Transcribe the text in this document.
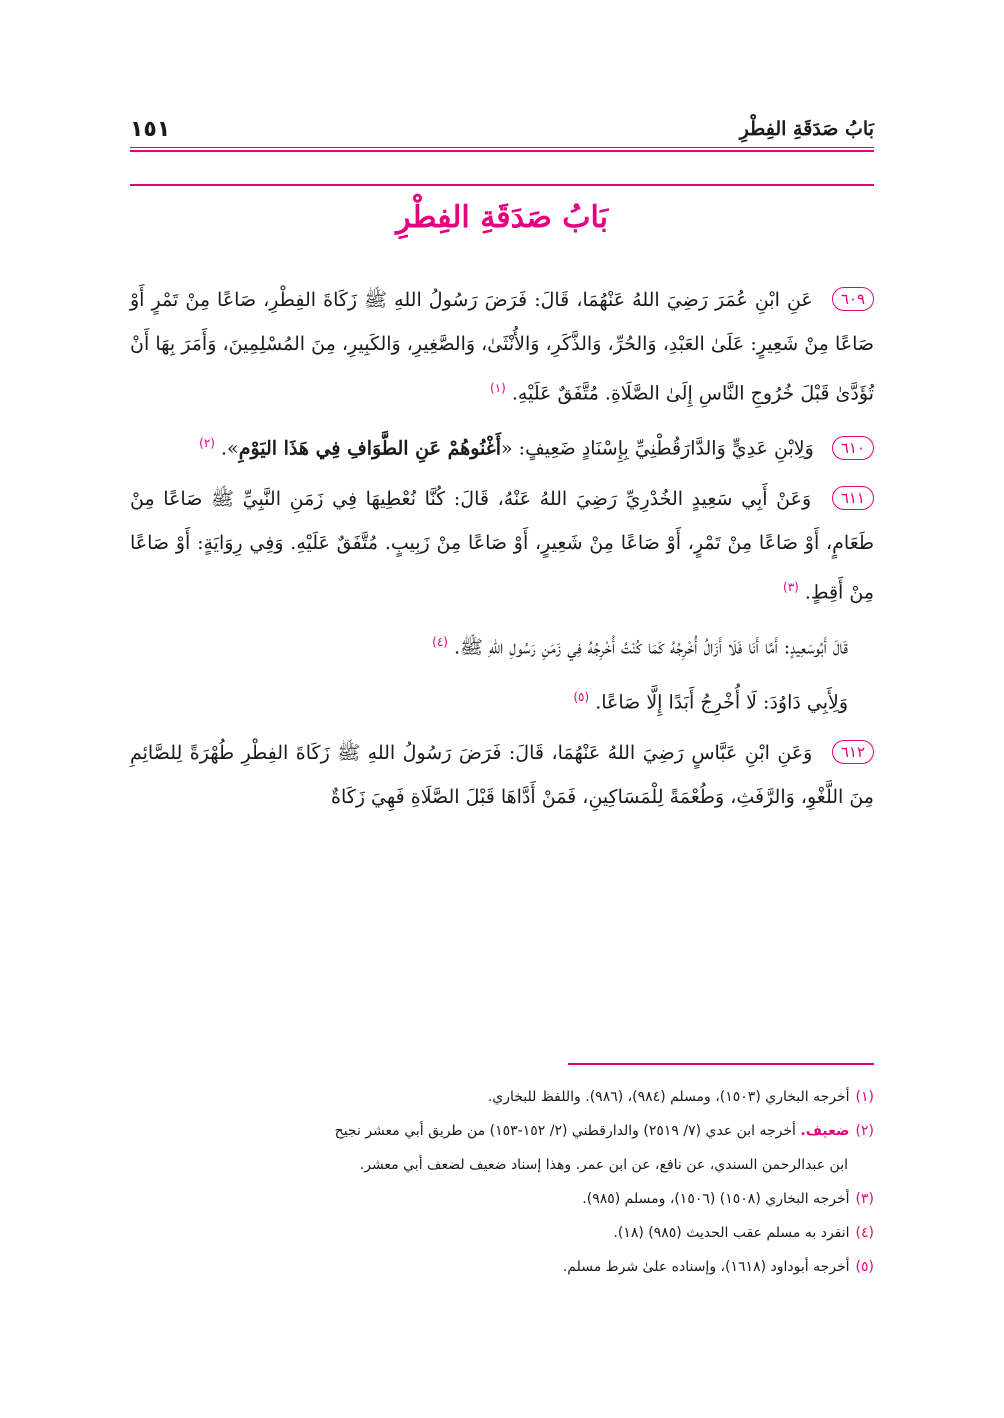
بَابُ صَدَقَةِ الفِطْرِ
١٥١
بَابُ صَدَقَةِ الفِطْرِ

٦٠٩ عَنِ ابْنِ عُمَرَ رَضِيَ اللهُ عَنْهُمَا، قَالَ: فَرَضَ رَسُولُ اللهِ ﷺ زَكَاةَ الفِطْرِ، صَاعًا مِنْ تَمْرٍ أَوْ صَاعًا مِنْ شَعِيرٍ: عَلَىٰ العَبْدِ، وَالحُرِّ، وَالذَّكَرِ، وَالأُنْثَىٰ، وَالصَّغِيرِ، وَالكَبِيرِ، مِنَ المُسْلِمِينَ، وَأَمَرَ بِهَا أَنْ تُؤَدَّىٰ قَبْلَ خُرُوجِ النَّاسِ إِلَىٰ الصَّلَاةِ. مُتَّفَقٌ عَلَيْهِ. $^{(١)}$

٦١٠ وَلِابْنِ عَدِيٍّ وَالدَّارَقُطْنِيِّ بِإِسْنَادٍ ضَعِيفٍ: «أَغْنُوهُمْ عَنِ الطَّوَافِ فِي هَذَا اليَوْمِ». $^{(٢)}$

٦١١ وَعَنْ أَبِي سَعِيدٍ الخُدْرِيِّ رَضِيَ اللهُ عَنْهُ، قَالَ: كُنَّا نُعْطِيهَا فِي زَمَنِ النَّبِيِّ ﷺ صَاعًا مِنْ طَعَامٍ، أَوْ صَاعًا مِنْ تَمْرٍ، أَوْ صَاعًا مِنْ شَعِيرٍ، أَوْ صَاعًا مِنْ زَبِيبٍ. مُتَّفَقٌ عَلَيْهِ. وَفِي رِوَايَةٍ: أَوْ صَاعًا مِنْ أَقِطٍ. $^{(٣)}$

قَالَ أَبُوسَعِيدٍ: أَمَّا أَنَا فَلَا أَزَالُ أُخْرِجُهُ كَمَا كُنْتُ أُخْرِجُهُ فِي زَمَنِ رَسُولِ اللهِ ﷺ. $^{(٤)}$

وَلِأَبِي دَاوُدَ: لَا أُخْرِجُ أَبَدًا إِلَّا صَاعًا. $^{(٥)}$

٦١٢ وَعَنِ ابْنِ عَبَّاسٍ رَضِيَ اللهُ عَنْهُمَا، قَالَ: فَرَضَ رَسُولُ اللهِ ﷺ زَكَاةَ الفِطْرِ طُهْرَةً لِلصَّائِمِ مِنَ اللَّغْوِ، وَالرَّفَثِ، وَطُعْمَةً لِلْمَسَاكِينِ، فَمَنْ أَدَّاهَا قَبْلَ الصَّلَاةِ فَهِيَ زَكَاةٌ

(١)أخرجه البخاري (١٥٠٣)، ومسلم (٩٨٤)، (٩٨٦). واللفظ للبخاري.
(٢)ضعيف. أخرجه ابن عدي (٧/ ٢٥١٩) والدارقطني (٢/ ١٥٢-١٥٣) من طريق أبي معشر نجيح
ابن عبدالرحمن السندي، عن نافع، عن ابن عمر. وهذا إسناد ضعيف لضعف أبي معشر.
(٣)أخرجه البخاري (١٥٠٨) (١٥٠٦)، ومسلم (٩٨٥).
(٤)انفرد به مسلم عقب الحديث (٩٨٥) (١٨).
(٥)أخرجه أبوداود (١٦١٨)، وإسناده علىٰ شرط مسلم.
